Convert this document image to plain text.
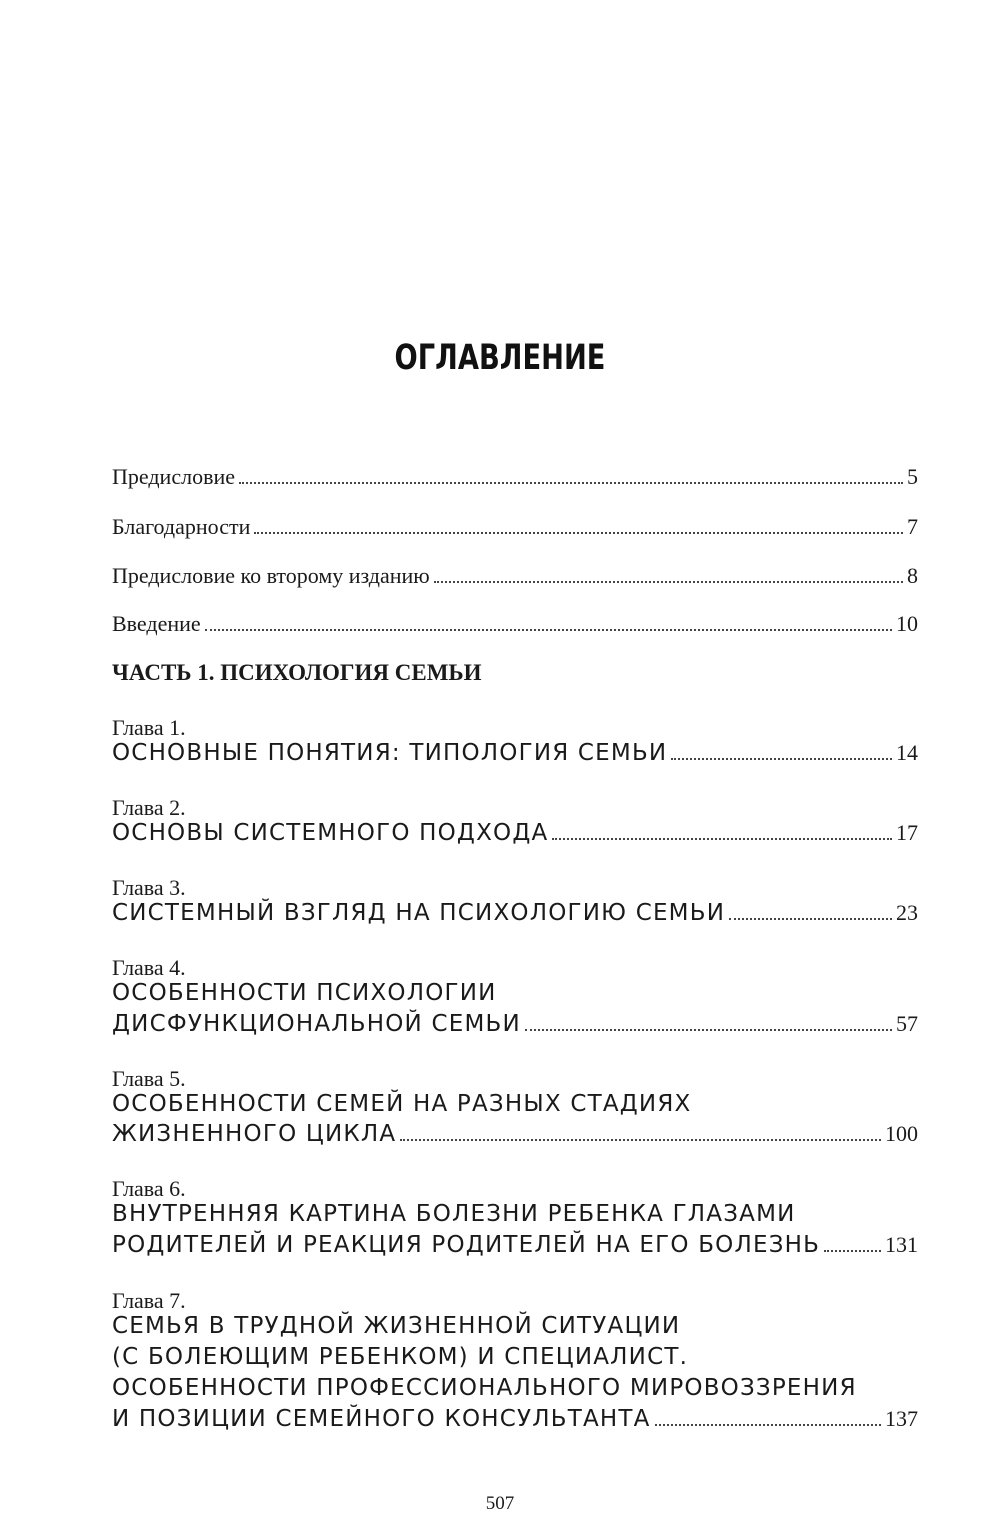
ОГЛАВЛЕНИЕ
Предисловие	5
Благодарности	7
Предисловие ко второму изданию	8
Введение	10
ЧАСТЬ 1. ПСИХОЛОГИЯ СЕМЬИ
Глава 1.
ОСНОВНЫЕ ПОНЯТИЯ: ТИПОЛОГИЯ СЕМЬИ	14
Глава 2.
ОСНОВЫ СИСТЕМНОГО ПОДХОДА	17
Глава 3.
СИСТЕМНЫЙ ВЗГЛЯД НА ПСИХОЛОГИЮ СЕМЬИ	23
Глава 4.
ОСОБЕННОСТИ ПСИХОЛОГИИ
ДИСФУНКЦИОНАЛЬНОЙ СЕМЬИ	57
Глава 5.
ОСОБЕННОСТИ СЕМЕЙ НА РАЗНЫХ СТАДИЯХ
ЖИЗНЕННОГО ЦИКЛА	100
Глава 6.
ВНУТРЕННЯЯ КАРТИНА БОЛЕЗНИ РЕБЕНКА ГЛАЗАМИ
РОДИТЕЛЕЙ И РЕАКЦИЯ РОДИТЕЛЕЙ НА ЕГО БОЛЕЗНЬ	131
Глава 7.
СЕМЬЯ В ТРУДНОЙ ЖИЗНЕННОЙ СИТУАЦИИ
(С БОЛЕЮЩИМ РЕБЕНКОМ) И СПЕЦИАЛИСТ.
ОСОБЕННОСТИ ПРОФЕССИОНАЛЬНОГО МИРОВОЗЗРЕНИЯ
И ПОЗИЦИИ СЕМЕЙНОГО КОНСУЛЬТАНТА	137
507
